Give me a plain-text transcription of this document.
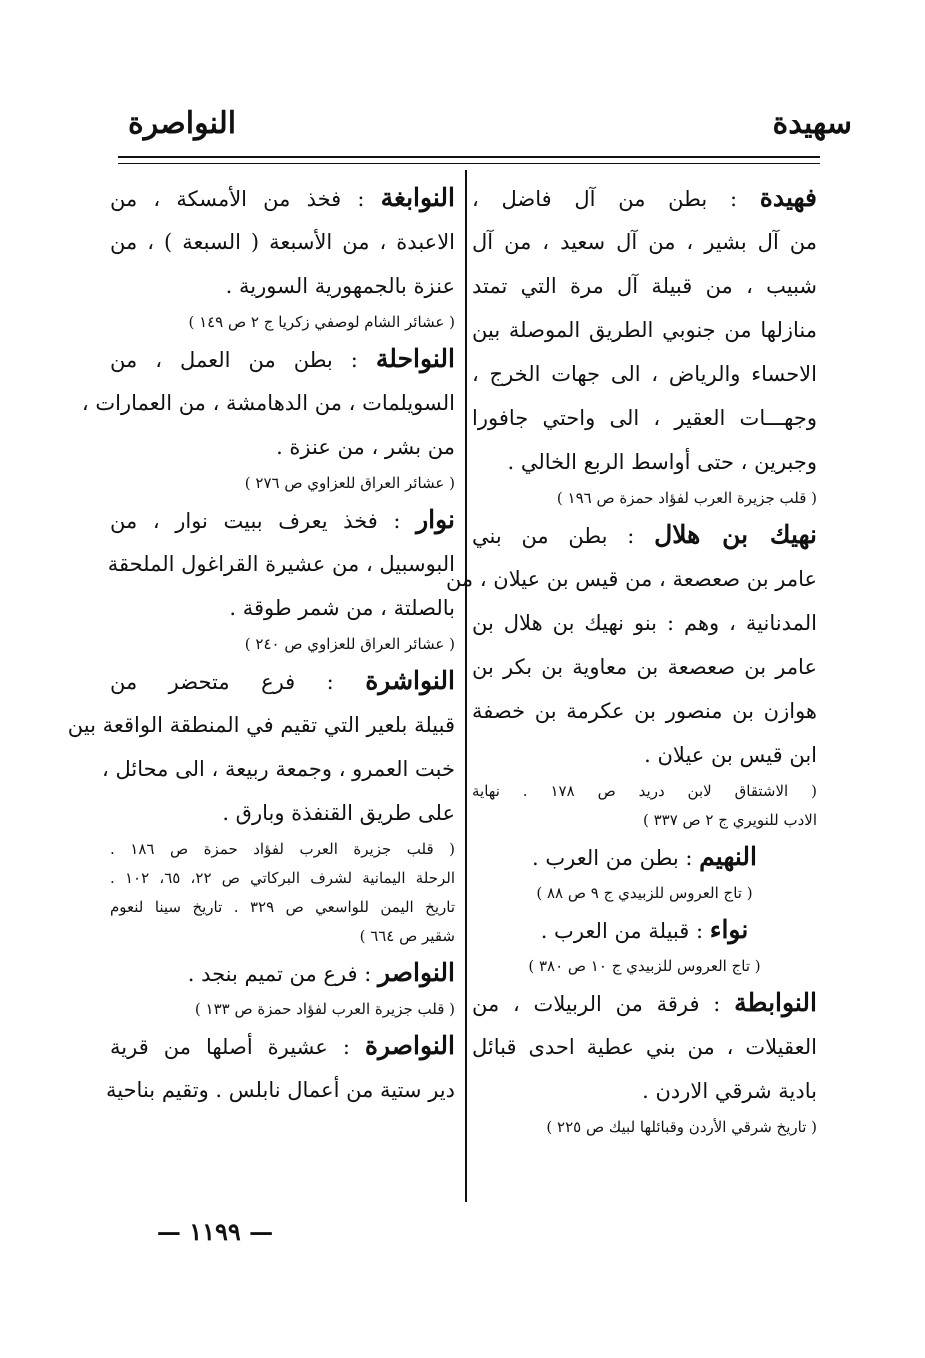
سهيدة
النواصرة
فهيدة : بطن من آل فاضل ،
من آل بشير ، من آل سعيد ، من آل
شبيب ، من قبيلة آل مرة التي تمتد
منازلها من جنوبي الطريق الموصلة بين
الاحساء والرياض ، الى جهات الخرج ،
وجهـــات العقير ، الى واحتي جافورا
وجبرين ، حتى أواسط الربع الخالي .
( قلب جزيرة العرب لفؤاد حمزة ص ١٩٦ )
نهيك بن هلال : بطن من بني
عامر بن صعصعة ، من قيس بن عيلان ، من
المدنانية ، وهم : بنو نهيك بن هلال بن
عامر بن صعصعة بن معاوية بن بكر بن
هوازن بن منصور بن عكرمة بن خصفة
ابن قيس بن عيلان .
( الاشتقاق لابن دريد ص ١٧٨ . نهاية
الادب للنويري ج ٢ ص ٣٣٧ )
النهيم : بطن من العرب .
( تاج العروس للزبيدي ج ٩ ص ٨٨ )
نواء : قبيلة من العرب .
( تاج العروس للزبيدي ج ١٠ ص ٣٨٠ )
النوابطة : فرقة من الربيلات ، من
العقيلات ، من بني عطية احدى قبائل
بادية شرقي الاردن .
( تاريخ شرقي الأردن وقبائلها لبيك ص ٢٢٥ )
النوابغة : فخذ من الأمسكة ، من
الاعبدة ، من الأسبعة ( السبعة ) ، من
عنزة بالجمهورية السورية .
( عشائر الشام لوصفي زكريا ج ٢ ص ١٤٩ )
النواحلة : بطن من العمل ، من
السويلمات ، من الدهامشة ، من العمارات ،
من بشر ، من عنزة .
( عشائر العراق للعزاوي ص ٢٧٦ )
نوار : فخذ يعرف ببيت نوار ، من
البوسبيل ، من عشيرة القراغول الملحقة
بالصلتة ، من شمر طوقة .
( عشائر العراق للعزاوي ص ٢٤٠ )
النواشرة : فرع متحضر من
قبيلة بلعير التي تقيم في المنطقة الواقعة بين
خبت العمرو ، وجمعة ربيعة ، الى محائل ،
على طريق القنفذة وبارق .
( قلب جزيرة العرب لفؤاد حمزة ص ١٨٦ .
الرحلة اليمانية لشرف البركاتي ص ٢٢، ٦٥، ١٠٢ .
تاريخ اليمن للواسعي ص ٣٢٩ . تاريخ سينا لنعوم
شقير ص ٦٦٤ )
النواصر : فرع من تميم بنجد .
( قلب جزيرة العرب لفؤاد حمزة ص ١٣٣ )
النواصرة : عشيرة أصلها من قرية
دير ستية من أعمال نابلس . وتقيم بناحية
— ١١٩٩ —
